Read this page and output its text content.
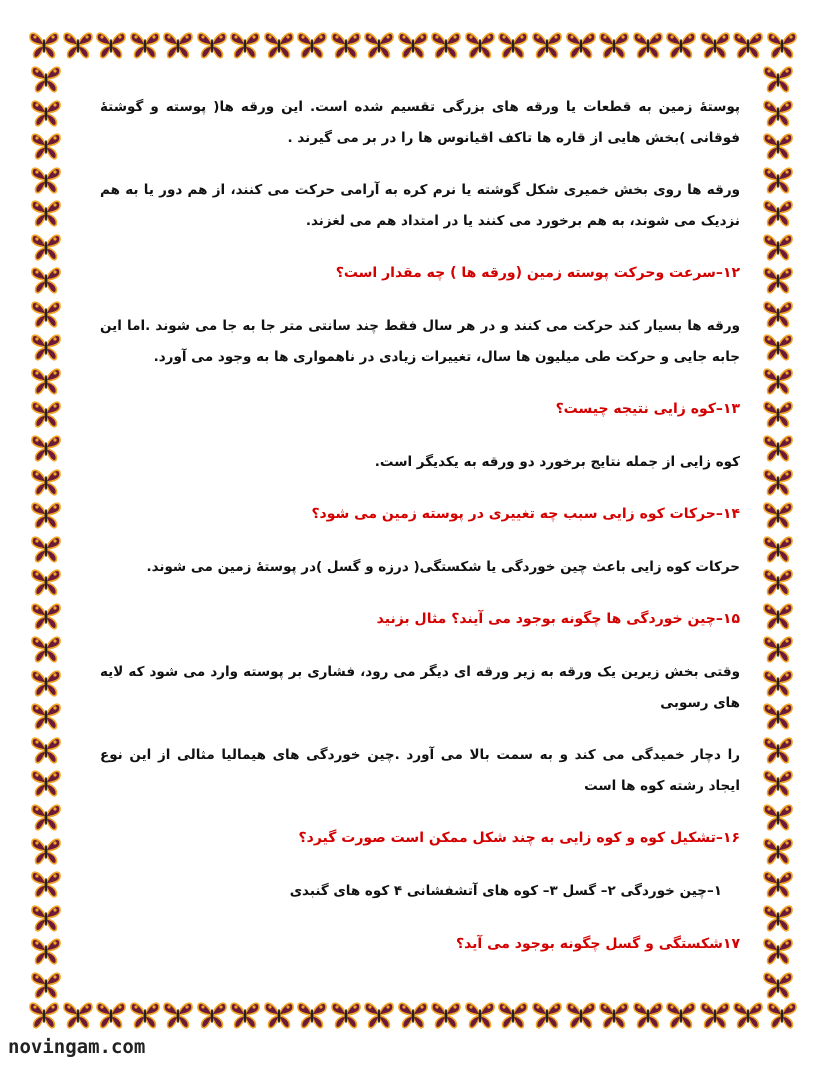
پوستهٔ زمین به قطعات یا ورقه های بزرگی تقسیم شده است. این ورقه ها( پوسته و گوشتهٔ فوقانی )بخش هایی از قاره ها تاکف اقیانوس ها را در بر می گیرند .

ورقه ها روی بخش خمیری شکل گوشته یا نرم کره به آرامی حرکت می کنند، از هم دور یا به هم نزدیک می شوند، به هم برخورد می کنند یا در امتداد هم می لغزند.

۱۲–سرعت وحرکت پوسته زمین (ورقه ها ) چه مقدار است؟

ورقه ها بسیار کند حرکت می کنند و در هر سال فقط چند سانتی متر جا به جا می شوند .اما این جابه جایی و حرکت طی میلیون ها سال، تغییرات زیادی در ناهمواری ها به وجود می آورد.

۱۳–کوه زایی نتیجه چیست؟

کوه زایی از جمله نتایج برخورد دو ورقه به یکدیگر است.

۱۴–حرکات کوه زایی سبب چه تغییری در پوسته زمین می شود؟

حرکات کوه زایی باعث چین خوردگی یا شکستگی( درزه و گسل )در پوستهٔ زمین می شوند.

۱۵–چین خوردگی ها چگونه بوجود می آیند؟ مثال بزنید

وقتی بخش زیرین یک ورقه به زیر ورقه ای دیگر می رود، فشاری بر پوسته وارد می شود که لایه های رسوبی

را دچار خمیدگی می کند و به سمت بالا می آورد .چین خوردگی های هیمالیا مثالی از این نوع ایجاد رشته کوه ها است

۱۶–تشکیل کوه و کوه زایی به چند شکل ممکن است صورت گیرد؟

۱–چین خوردگی ۲– گسل ۳– کوه های آتشفشانی ۴ کوه های گنبدی

۱۷شکستگی و گسل چگونه بوجود می آید؟

novingam.com
